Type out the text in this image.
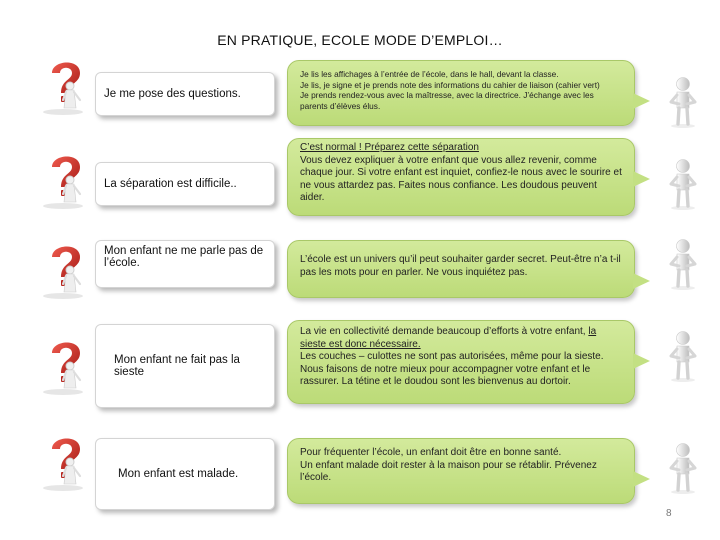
EN PRATIQUE, ECOLE MODE D’EMPLOI…
Je me pose des questions.

Je lis les affichages à l’entrée de l’école, dans le hall, devant la classe.

Je lis, je signe et je prends note des informations du cahier de liaison (cahier vert)

Je prends rendez-vous avec la maîtresse, avec la directrice. J’échange avec les parents d’élèves élus.

La séparation est difficile..

C’est normal ! Préparez cette séparation

Vous devez expliquer à votre enfant que vous allez revenir, comme chaque jour. Si votre enfant est inquiet, confiez-le nous avec le sourire et ne vous attardez pas. Faites nous confiance. Les doudous peuvent aider.

Mon enfant ne me parle pas de l’école.	L’école est un univers qu’il peut souhaiter garder secret. Peut-être n’a t-il pas les mots pour en parler. Ne vous inquiétez pas.

Mon enfant ne fait pas la sieste

La vie en collectivité demande beaucoup d’efforts à votre enfant, la sieste est donc nécessaire.

Les couches – culottes ne sont pas autorisées, même pour la sieste. Nous faisons de notre mieux pour accompagner votre enfant et le rassurer. La tétine et le doudou sont les bienvenus au dortoir.

Mon enfant est malade.

Pour fréquenter l’école, un enfant doit être en bonne santé.

Un enfant malade doit rester à la maison pour se rétablir. Prévenez l’école.

8
